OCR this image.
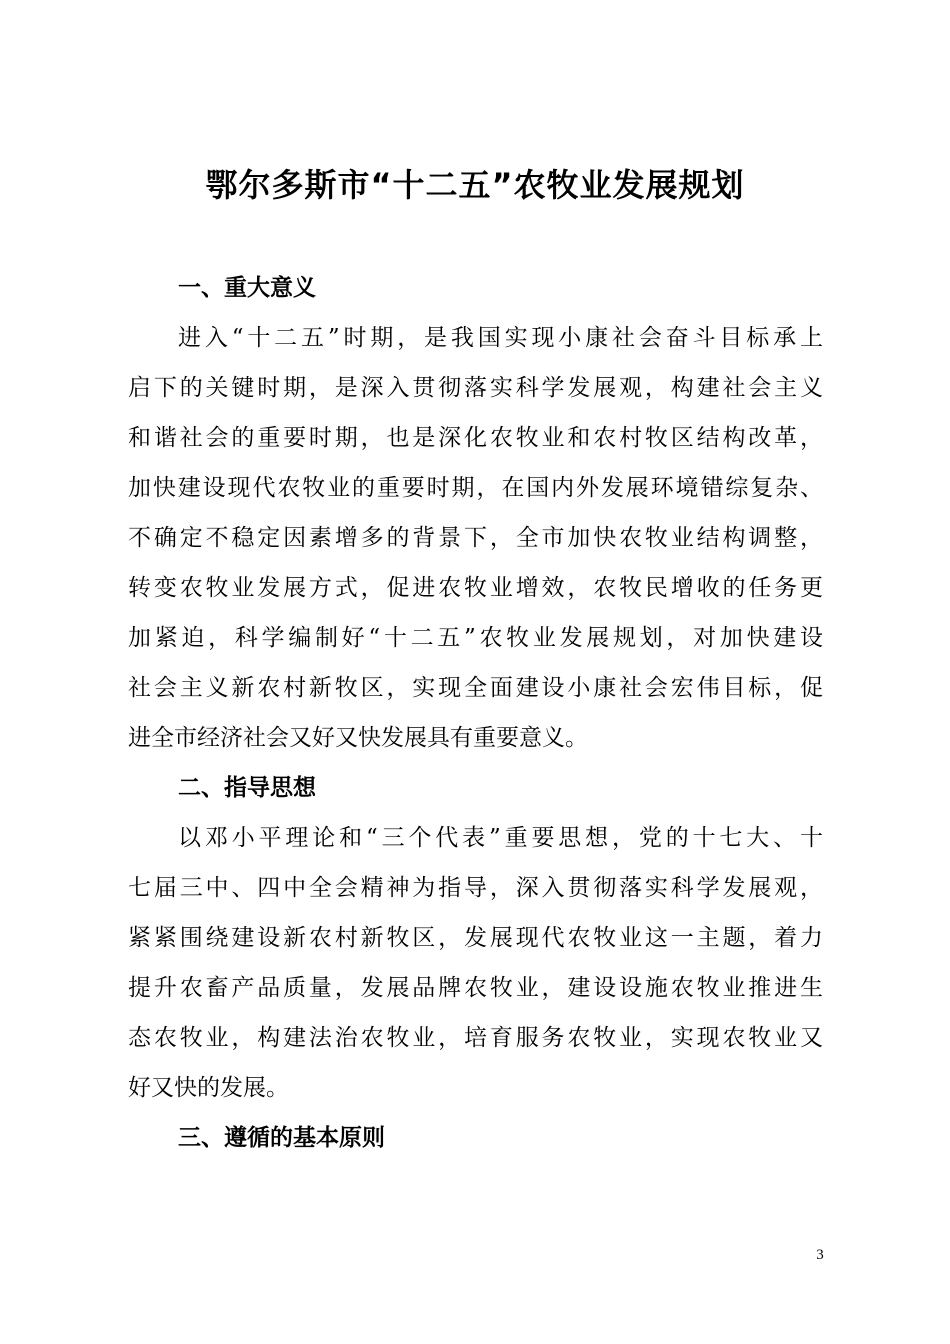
鄂尔多斯市“十二五”农牧业发展规划
一、重大意义
进入“十二五”时期，是我国实现小康社会奋斗目标承上
启下的关键时期，是深入贯彻落实科学发展观，构建社会主义
和谐社会的重要时期，也是深化农牧业和农村牧区结构改革，
加快建设现代农牧业的重要时期，在国内外发展环境错综复杂、
不确定不稳定因素增多的背景下，全市加快农牧业结构调整，
转变农牧业发展方式，促进农牧业增效，农牧民增收的任务更
加紧迫，科学编制好“十二五”农牧业发展规划，对加快建设
社会主义新农村新牧区，实现全面建设小康社会宏伟目标，促
进全市经济社会又好又快发展具有重要意义。
二、指导思想
以邓小平理论和“三个代表”重要思想，党的十七大、十
七届三中、四中全会精神为指导，深入贯彻落实科学发展观，
紧紧围绕建设新农村新牧区，发展现代农牧业这一主题，着力
提升农畜产品质量，发展品牌农牧业，建设设施农牧业推进生
态农牧业，构建法治农牧业，培育服务农牧业，实现农牧业又
好又快的发展。
三、遵循的基本原则
3
